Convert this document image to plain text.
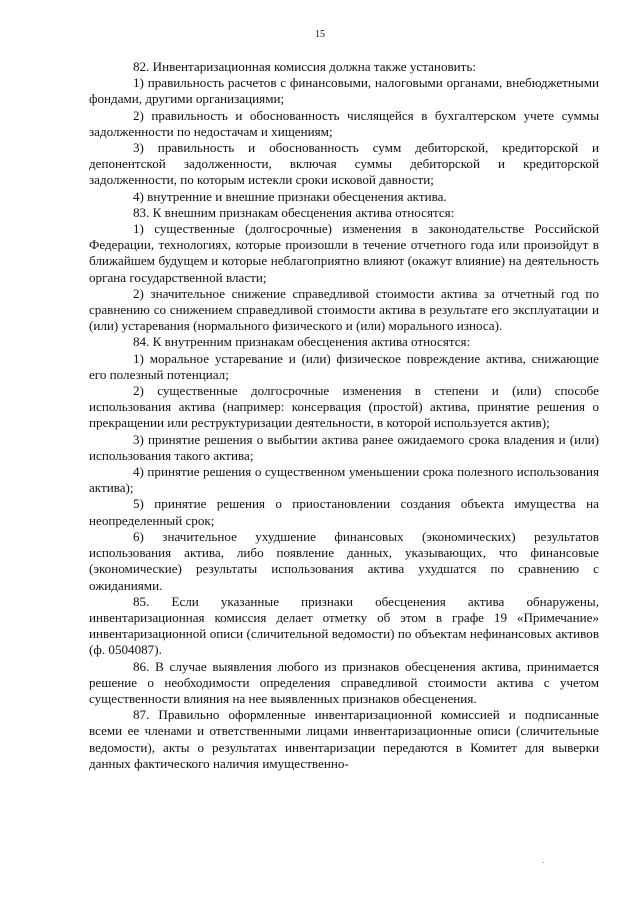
15

82. Инвентаризационная комиссия должна также установить:

1) правильность расчетов с финансовыми, налоговыми органами, внебюджетными фондами, другими организациями;

2) правильность и обоснованность числящейся в бухгалтерском учете суммы задолженности по недостачам и хищениям;

3) правильность и обоснованность сумм дебиторской, кредиторской и депонентской задолженности, включая суммы дебиторской и кредиторской задолженности, по которым истекли сроки исковой давности;

4) внутренние и внешние признаки обесценения актива.

83. К внешним признакам обесценения актива относятся:

1) существенные (долгосрочные) изменения в законодательстве Российской Федерации, технологиях, которые произошли в течение отчетного года или произойдут в ближайшем будущем и которые неблагоприятно влияют (окажут влияние) на деятельность органа государственной власти;

2) значительное снижение справедливой стоимости актива за отчетный год по сравнению со снижением справедливой стоимости актива в результате его эксплуатации и (или) устаревания (нормального физического и (или) морального износа).

84. К внутренним признакам обесценения актива относятся:

1) моральное устаревание и (или) физическое повреждение актива, снижающие его полезный потенциал;

2) существенные долгосрочные изменения в степени и (или) способе использования актива (например: консервация (простой) актива, принятие решения о прекращении или реструктуризации деятельности, в которой используется актив);

3) принятие решения о выбытии актива ранее ожидаемого срока владения и (или) использования такого актива;

4) принятие решения о существенном уменьшении срока полезного использования актива);

5) принятие решения о приостановлении создания объекта имущества на неопределенный срок;

6) значительное ухудшение финансовых (экономических) результатов использования актива, либо появление данных, указывающих, что финансовые (экономические) результаты использования актива ухудшатся по сравнению с ожиданиями.

85. Если указанные признаки обесценения актива обнаружены, инвентаризационная комиссия делает отметку об этом в графе 19 «Примечание» инвентаризационной описи (сличительной ведомости) по объектам нефинансовых активов (ф. 0504087).

86. В случае выявления любого из признаков обесценения актива, принимается решение о необходимости определения справедливой стоимости актива с учетом существенности влияния на нее выявленных признаков обесценения.

87. Правильно оформленные инвентаризационной комиссией и подписанные всеми ее членами и ответственными лицами инвентаризационные описи (сличительные ведомости), акты о результатах инвентаризации передаются в Комитет для выверки данных фактического наличия имущественно-
